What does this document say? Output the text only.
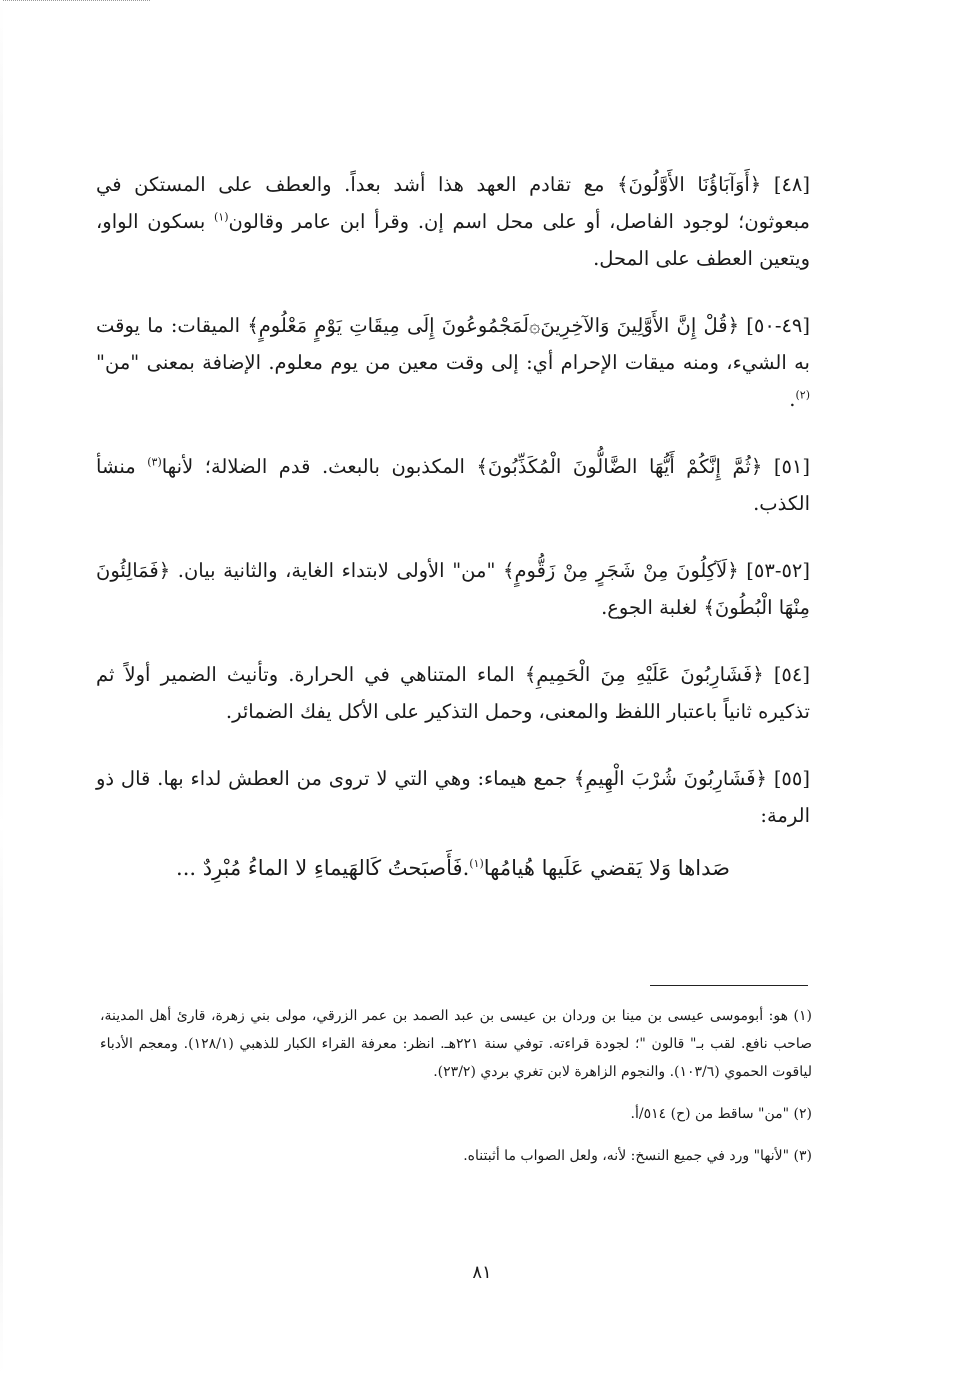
[٤٨] ﴿أَوَآبَاؤُنَا الأَوَّلُونَ﴾ مع تقادم العهد هذا أشد بعداً. والعطف على المستكن في مبعوثون؛ لوجود الفاصل، أو على محل اسم إن. وقرأ ابن عامر وقالون$^{(١)}$ بسكون الواو، ويتعين العطف على المحل.

[٤٩-٥٠] ﴿قُلْ إِنَّ الأَوَّلِينَ وَالآخِرِينَ۞لَمَجْمُوعُونَ إِلَى مِيقَاتِ يَوْمٍ مَعْلُومٍ﴾ الميقات: ما يوقت به الشيء، ومنه ميقات الإحرام أي: إلى وقت معين من يوم معلوم. الإضافة بمعنى "من"$^{(٢)}$.

[٥١] ﴿ثُمَّ إِنَّكُمْ أَيُّهَا الضَّالُّونَ الْمُكَذِّبُونَ﴾ المكذبون بالبعث. قدم الضلالة؛ لأنها$^{(٣)}$ منشأ الكذب.

[٥٢-٥٣] ﴿لَآكِلُونَ مِنْ شَجَرٍ مِنْ زَقُّومٍ﴾ "من" الأولى لابتداء الغاية، والثانية بيان. ﴿فَمَالِئُونَ مِنْهَا الْبُطُونَ﴾ لغلبة الجوع.

[٥٤] ﴿فَشَارِبُونَ عَلَيْهِ مِنَ الْحَمِيمِ﴾ الماء المتناهي في الحرارة. وتأنيث الضمير أولاً ثم تذكيره ثانياً باعتبار اللفظ والمعنى، وحمل التذكير على الأكل يفك الضمائر.

[٥٥] ﴿فَشَارِبُونَ شُرْبَ الْهِيمِ﴾ جمع هيماء: وهي التي لا تروى من العطش لداء بها. قال ذو الرمة:

صَداها وَلا يَقضي عَلَيها هُيامُها$^{(١)}$.فَأَصبَحتُ كَالهَيماءِ لا الماءُ مُبْرِدٌ ...

(١) هو: أبوموسى عيسى بن مينا بن وردان بن عيسى بن عبد الصمد بن عمر الزرقي، مولى بني زهرة، قارئ أهل المدينة، صاحب نافع. لقب بـ" قالون "؛ لجودة قراءته. توفي سنة ٢٢١هـ. انظر: معرفة القراء الكبار للذهبي (١٢٨/١). ومعجم الأدباء لياقوت الحموي (١٠٣/٦). والنجوم الزاهرة لابن تغري بردي (٢٣/٢).

(٢) "من" ساقط من (ح) ٥١٤/أ.

(٣) "لأنها" ورد في جميع النسخ: لأنه، ولعل الصواب ما أثبتناه.

٨١
